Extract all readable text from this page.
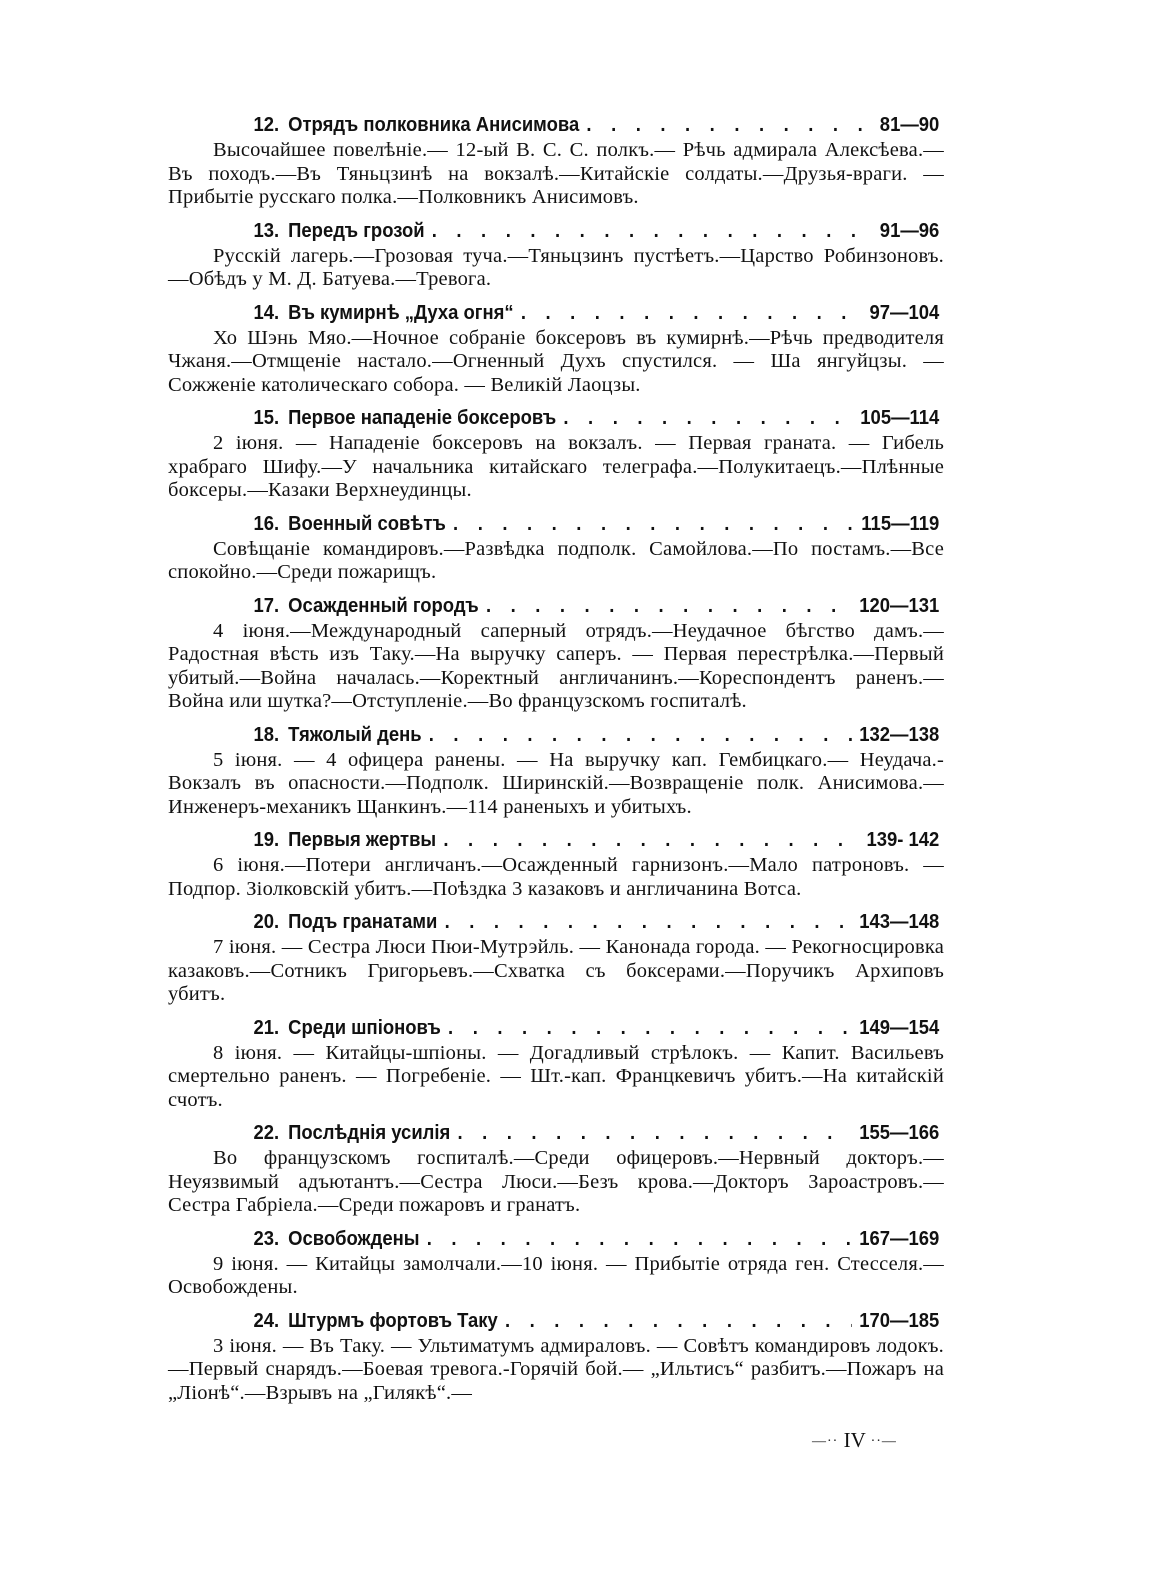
12. Отрядъ полковника Анисимова . . .	81—90
Высочайшее повелѣніе.— 12-ый В. С. С. полкъ.— Рѣчь адмирала Алексѣева.—Въ походъ.—Въ Тяньцзинѣ на вокзалѣ.—Китайскіе солдаты.—Друзья-враги. — Прибытіе русскаго полка.—Полковникъ Анисимовъ.
13. Передъ грозой . . .	91—96
Русскій лагерь.—Грозовая туча.—Тяньцзинъ пустѣетъ.—Царство Робинзоновъ.—Обѣдъ у М. Д. Батуева.—Тревога.
14. Въ кумирнѣ „Духа огня“ . . .	97—104
Хо Шэнь Мяо.—Ночное собраніе боксеровъ въ кумирнѣ.—Рѣчь предводителя Чжаня.—Отмщеніе настало.—Огненный Духъ спустился. — Ша янгуйцзы. — Сожженіе католическаго собора. — Великій Лаоцзы.
15. Первое нападеніе боксеровъ . . .	105—114
2 іюня. — Нападеніе боксеровъ на вокзалъ. — Первая граната. — Гибель храбраго Шифу.—У начальника китайскаго телеграфа.—Полукитаецъ.—Плѣнные боксеры.—Казаки Верхнеудинцы.
16. Военный совѣтъ . . .	115—119
Совѣщаніе командировъ.—Развѣдка подполк. Самойлова.—По постамъ.—Все спокойно.—Среди пожарищъ.
17. Осажденный городъ . . .	120—131
4 іюня.—Международный саперный отрядъ.—Неудачное бѣгство дамъ.—Радостная вѣсть изъ Таку.—На выручку саперъ. — Первая перестрѣлка.—Первый убитый.—Война началась.—Коректный англичанинъ.—Кореспондентъ раненъ.—Война или шутка?—Отступленіе.—Во французскомъ госпиталѣ.
18. Тяжолый день . . .	132—138
5 іюня. — 4 офицера ранены. — На выручку кап. Гембицкаго.— Неудача.-Вокзалъ въ опасности.—Подполк. Ширинскій.—Возвращеніе полк. Анисимова.—Инженеръ-механикъ Щанкинъ.—114 раненыхъ и убитыхъ.
19. Первыя жертвы . . .	139- 142
6 іюня.—Потери англичанъ.—Осажденный гарнизонъ.—Мало патроновъ. — Подпор. Зіолковскій убитъ.—Поѣздка 3 казаковъ и англичанина Вотса.
20. Подъ гранатами . . .	143—148
7 іюня. — Сестра Люси Пюи-Мутрэйль. — Канонада города. — Рекогносцировка казаковъ.—Сотникъ Григорьевъ.—Схватка съ боксерами.—Поручикъ Архиповъ убитъ.
21. Среди шпіоновъ . . .	149—154
8 іюня. — Китайцы-шпіоны. — Догадливый стрѣлокъ. — Капит. Васильевъ смертельно раненъ. — Погребеніе. — Шт.-кап. Францкевичъ убитъ.—На китайскій счотъ.
22. Послѣднія усилія . . .	155—166
Во французскомъ госпиталѣ.—Среди офицеровъ.—Нервный докторъ.—Неуязвимый адъютантъ.—Сестра Люси.—Безъ крова.—Докторъ Зароастровъ.—Сестра Габріела.—Среди пожаровъ и гранатъ.
23. Освобождены . . .	167—169
9 іюня. — Китайцы замолчали.—10 іюня. — Прибытіе отряда ген. Стесселя.—Освобождены.
24. Штурмъ фортовъ Таку . . .	170—185
3 іюня. — Въ Таку. — Ультиматумъ адмираловъ. — Совѣтъ командировъ лодокъ.—Первый снарядъ.—Боевая тревога.-Горячій бой.— „Ильтисъ“ разбитъ.—Пожаръ на „Ліонѣ“.—Взрывъ на „Гилякѣ“.—
—·· IV ··—
